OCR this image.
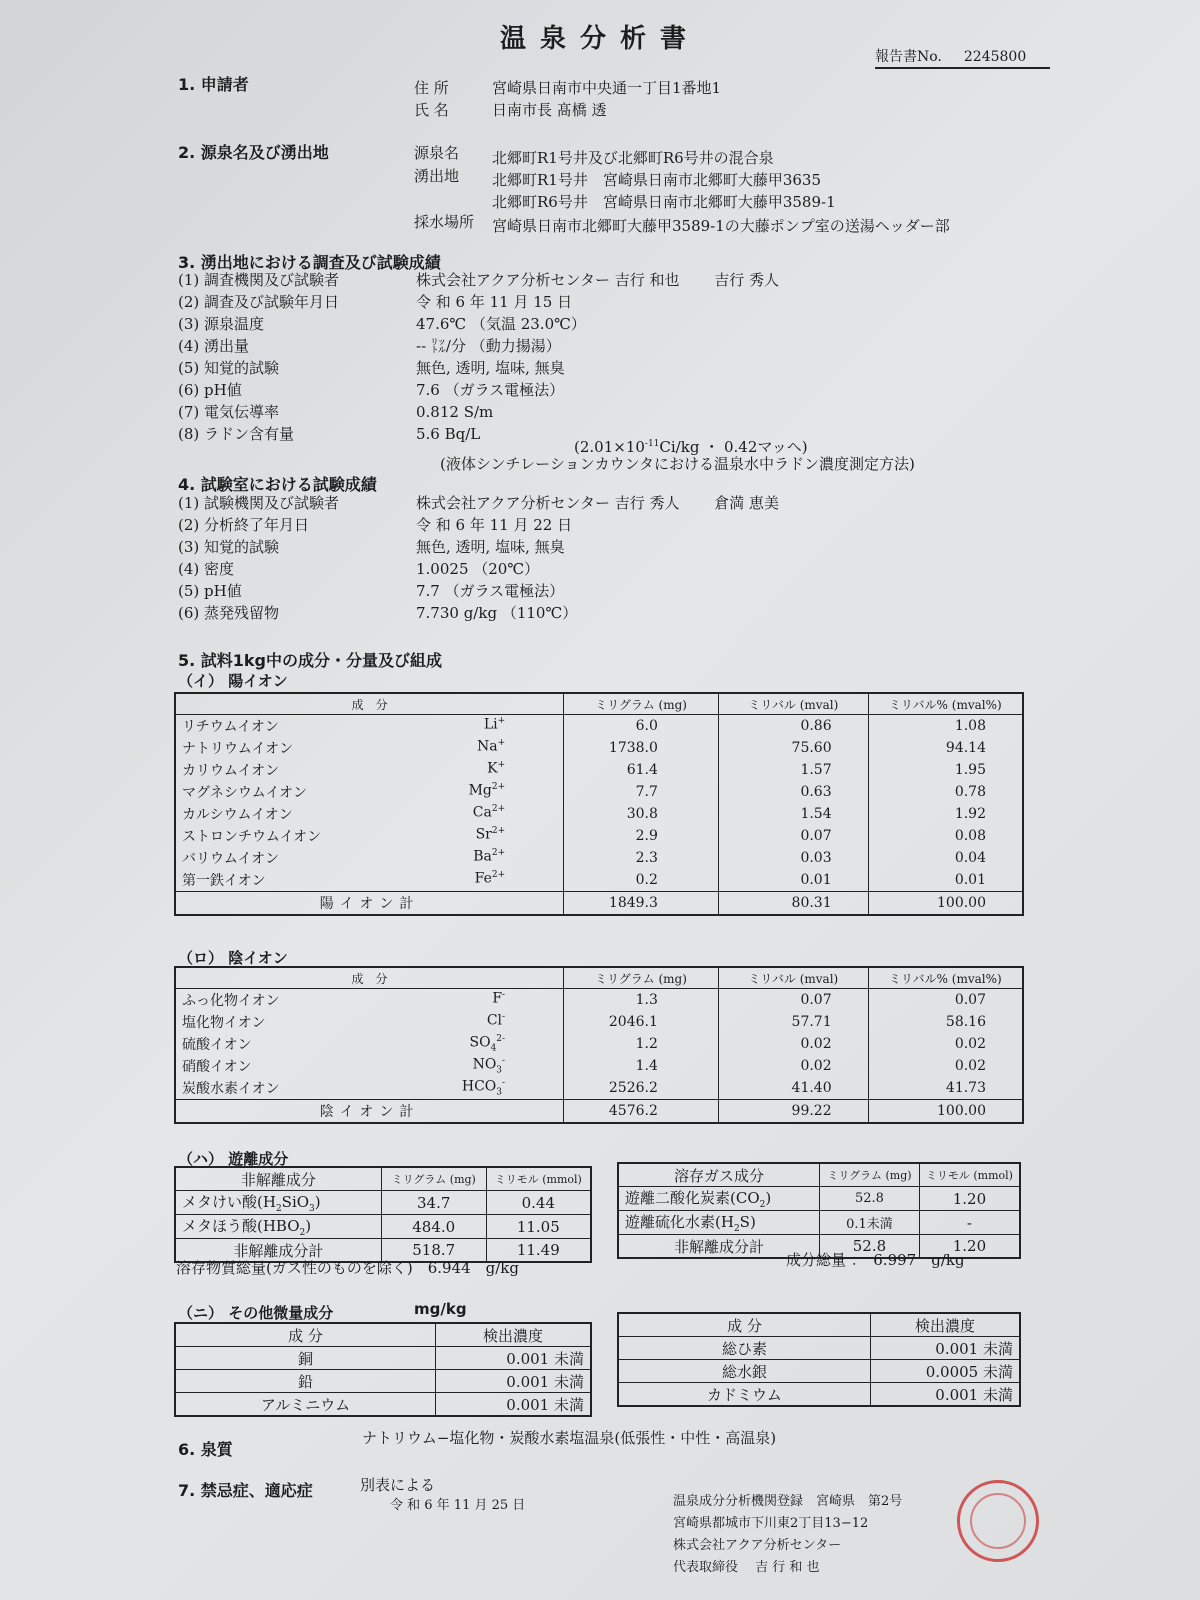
温泉分析書
報告書No. 2245800
1. 申請者	住 所	宮崎県日南市中央通一丁目1番地1
氏 名	日南市長 髙橋 透
2. 源泉名及び湧出地	源泉名 北郷町R1号井及び北郷町R6号井の混合泉
湧出地 北郷町R1号井　宮崎県日南市北郷町大藤甲3635
北郷町R6号井　宮崎県日南市北郷町大藤甲3589-1
採水場所 宮崎県日南市北郷町大藤甲3589-1の大藤ポンプ室の送湯ヘッダー部
3. 湧出地における調査及び試験成績
(1) 調査機関及び試験者	株式会社アクア分析センター 吉行 和也　　 吉行 秀人
(2) 調査及び試験年月日	令 和 6 年 11 月 15 日
(3) 源泉温度	47.6℃ （気温 23.0℃）
(4) 湧出量	-- ㍑/分 （動力揚湯）
(5) 知覚的試験	無色, 透明, 塩味, 無臭
(6) pH値	7.6 （ガラス電極法）
(7) 電気伝導率	0.812 S/m
(8) ラドン含有量	5.6 Bq/L
($2.01\times 10^{-11}Ci/kg$ ・ 0.42マッヘ)
(液体シンチレーションカウンタにおける温泉水中ラドン濃度測定方法)
4. 試験室における試験成績
(1) 試験機関及び試験者	株式会社アクア分析センター 吉行 秀人　　 倉満 恵美
(2) 分析終了年月日	令 和 6 年 11 月 22 日
(3) 知覚的試験	無色, 透明, 塩味, 無臭
(4) 密度	1.0025 （20℃）
(5) pH値	7.7 （ガラス電極法）
(6) 蒸発残留物	7.730 g/kg （110℃）
5. 試料1kg中の成分・分量及び組成
（イ） 陽イオン
成　分	ミリグラム (mg)	ミリバル (mval)	ミリバル% (mval%)
リチウムイオン Li+	6.0	0.86	1.08
ナトリウムイオン Na+	1738.0	75.60	94.14
カリウムイオン K+	61.4	1.57	1.95
マグネシウムイオン $Mg^{2+}$	7.7	0.63	0.78
カルシウムイオン $Ca^{2+}$	30.8	1.54	1.92
ストロンチウムイオン $Sr^{2+}$	2.9	0.07	0.08
バリウムイオン $Ba^{2+}$	2.3	0.03	0.04
第一鉄イオン $Fe^{2+}$	0.2	0.01	0.01
陽イオン計	1849.3	80.31	100.00
（ロ） 陰イオン
成　分	ミリグラム (mg)	ミリバル (mval)	ミリバル% (mval%)
ふっ化物イオン F-	1.3	0.07	0.07
塩化物イオン Cl-	2046.1	57.71	58.16
硫酸イオン $SO_4^{2-}$	1.2	0.02	0.02
硝酸イオン $NO_3^-$	1.4	0.02	0.02
炭酸水素イオン $HCO_3^-$	2526.2	41.40	41.73
陰イオン計	4576.2	99.22	100.00
（ハ） 遊離成分
非解離成分	ミリグラム (mg)	ミリモル (mmol)
メタけい酸$(H_2SiO_3)$	34.7	0.44
メタほう酸$(HBO_2)$	484.0	11.05
非解離成分計	518.7	11.49
溶存ガス成分	ミリグラム (mg)	ミリモル (mmol)
遊離二酸化炭素$(CO_2)$	52.8	1.20
遊離硫化水素$(H_2S)$	0.1未満	-
非解離成分計	52.8	1.20
溶存物質総量(ガス性のものを除く)　6.944　g/kg	成分総量 ：　6.997　g/kg
（ニ） その他微量成分	mg/kg
成 分	検出濃度
銅	0.001 未満
鉛	0.001 未満
アルミニウム	0.001 未満
成 分	検出濃度
総ひ素	0.001 未満
総水銀	0.0005 未満
カドミウム	0.001 未満
6. 泉質
ナトリウム−塩化物・炭酸水素塩温泉(低張性・中性・高温泉)
7. 禁忌症、適応症	別表による
令 和 6 年 11 月 25 日	温泉成分分析機関登録　宮崎県　第2号
宮崎県都城市下川東2丁目13−12
株式会社アクア分析センター
代表取締役　 吉 行 和 也
